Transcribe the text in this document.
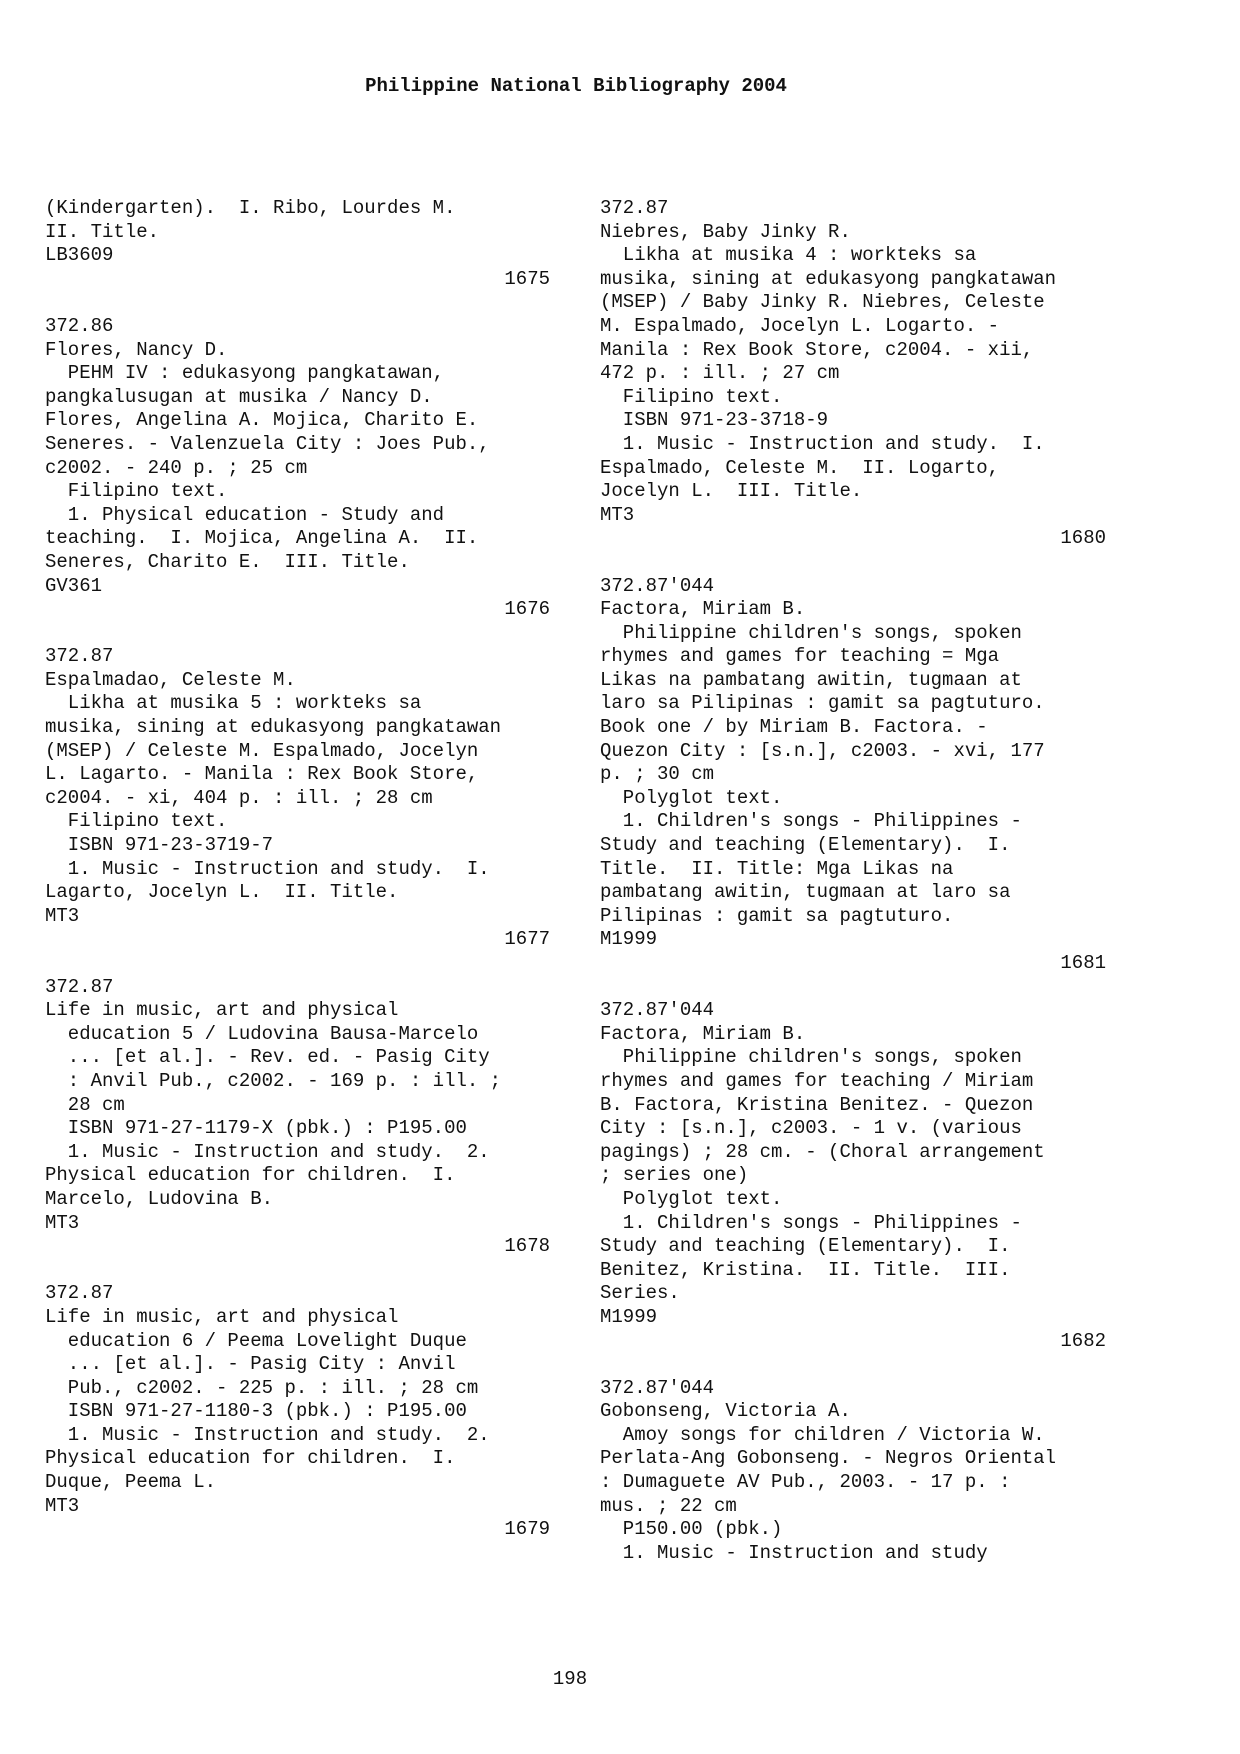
Philippine National Bibliography 2004
(Kindergarten).  I. Ribo, Lourdes M.
II. Title.
LB3609
1675
372.86
Flores, Nancy D.
PEHM IV : edukasyong pangkatawan,
pangkalusugan at musika / Nancy D.
Flores, Angelina A. Mojica, Charito E.
Seneres. - Valenzuela City : Joes Pub.,
c2002. - 240 p. ; 25 cm
Filipino text.
1. Physical education - Study and
teaching.  I. Mojica, Angelina A.  II.
Seneres, Charito E.  III. Title.
GV361
1676
372.87
Espalmadao, Celeste M.
Likha at musika 5 : workteks sa
musika, sining at edukasyong pangkatawan
(MSEP) / Celeste M. Espalmado, Jocelyn
L. Lagarto. - Manila : Rex Book Store,
c2004. - xi, 404 p. : ill. ; 28 cm
Filipino text.
ISBN 971-23-3719-7
1. Music - Instruction and study.  I.
Lagarto, Jocelyn L.  II. Title.
MT3
1677
372.87
Life in music, art and physical
education 5 / Ludovina Bausa-Marcelo
... [et al.]. - Rev. ed. - Pasig City
: Anvil Pub., c2002. - 169 p. : ill. ;
28 cm
ISBN 971-27-1179-X (pbk.) : P195.00
1. Music - Instruction and study.  2.
Physical education for children.  I.
Marcelo, Ludovina B.
MT3
1678
372.87
Life in music, art and physical
education 6 / Peema Lovelight Duque
... [et al.]. - Pasig City : Anvil
Pub., c2002. - 225 p. : ill. ; 28 cm
ISBN 971-27-1180-3 (pbk.) : P195.00
1. Music - Instruction and study.  2.
Physical education for children.  I.
Duque, Peema L.
MT3
1679
372.87
Niebres, Baby Jinky R.
Likha at musika 4 : workteks sa
musika, sining at edukasyong pangkatawan
(MSEP) / Baby Jinky R. Niebres, Celeste
M. Espalmado, Jocelyn L. Logarto. -
Manila : Rex Book Store, c2004. - xii,
472 p. : ill. ; 27 cm
Filipino text.
ISBN 971-23-3718-9
1. Music - Instruction and study.  I.
Espalmado, Celeste M.  II. Logarto,
Jocelyn L.  III. Title.
MT3
1680
372.87'044
Factora, Miriam B.
Philippine children's songs, spoken
rhymes and games for teaching = Mga
Likas na pambatang awitin, tugmaan at
laro sa Pilipinas : gamit sa pagtuturo.
Book one / by Miriam B. Factora. -
Quezon City : [s.n.], c2003. - xvi, 177
p. ; 30 cm
Polyglot text.
1. Children's songs - Philippines -
Study and teaching (Elementary).  I.
Title.  II. Title: Mga Likas na
pambatang awitin, tugmaan at laro sa
Pilipinas : gamit sa pagtuturo.
M1999
1681
372.87'044
Factora, Miriam B.
Philippine children's songs, spoken
rhymes and games for teaching / Miriam
B. Factora, Kristina Benitez. - Quezon
City : [s.n.], c2003. - 1 v. (various
pagings) ; 28 cm. - (Choral arrangement
; series one)
Polyglot text.
1. Children's songs - Philippines -
Study and teaching (Elementary).  I.
Benitez, Kristina.  II. Title.  III.
Series.
M1999
1682
372.87'044
Gobonseng, Victoria A.
Amoy songs for children / Victoria W.
Perlata-Ang Gobonseng. - Negros Oriental
: Dumaguete AV Pub., 2003. - 17 p. :
mus. ; 22 cm
P150.00 (pbk.)
1. Music - Instruction and study
198
